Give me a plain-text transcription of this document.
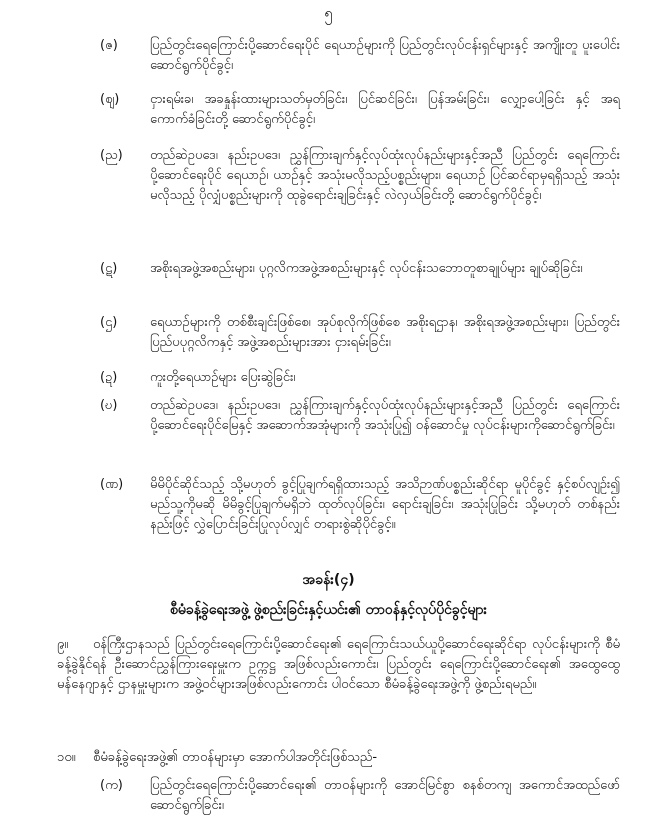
၅
(ဇ)	ပြည်တွင်းရေကြောင်းပို့ဆောင်ရေးပိုင် ရေယာဉ်များကို ပြည်တွင်းလုပ်ငန်းရှင်များနှင့် အကျိုးတူ ပူးပေါင်းဆောင်ရွက်ပိုင်ခွင့်၊
(ဈ)	ငှားရမ်းခ၊ အခနှုန်းထားများသတ်မှတ်ခြင်း၊ ပြင်ဆင်ခြင်း၊ ပြန်အမ်းခြင်း၊ လျှော့ပေါ့ခြင်း နှင့် အရကောက်ခံခြင်းတို့ ဆောင်ရွက်ပိုင်ခွင့်၊
(ည)	တည်ဆဲဥပဒေ၊ နည်းဥပဒေ၊ ညွှန်ကြားချက်နှင့်လုပ်ထုံးလုပ်နည်းများနှင့်အညီ ပြည်တွင်း ရေကြောင်းပို့ဆောင်ရေးပိုင် ရေယာဉ်၊ ယာဉ်နှင့် အသုံးမလိုသည့်ပစ္စည်းများ၊ ရေယာဉ် ပြင်ဆင်ရာမှရရှိသည့် အသုံးမလိုသည့် ပိုလျှံပစ္စည်းများကို ထုခွဲရောင်းချခြင်းနှင့် လဲလှယ်ခြင်းတို့ ဆောင်ရွက်ပိုင်ခွင့်၊
(ဋ)	အစိုးရအဖွဲ့အစည်းများ၊ ပုဂ္ဂလိကအဖွဲ့အစည်းများနှင့် လုပ်ငန်းသဘောတူစာချုပ်များ ချုပ်ဆိုခြင်း၊
(ဌ)	ရေယာဉ်များကို တစ်စီးချင်းဖြစ်စေ၊ အုပ်စုလိုက်ဖြစ်စေ အစိုးရဌာန၊ အစိုးရအဖွဲ့အစည်းများ၊ ပြည်တွင်းပြည်ပပုဂ္ဂလိကနှင့် အဖွဲ့အစည်းများအား ငှားရမ်းခြင်း၊
(ဍ)	ကူးတို့ရေယာဉ်များ ပြေးဆွဲခြင်း၊
(ဎ)	တည်ဆဲဥပဒေ၊ နည်းဥပဒေ၊ ညွှန်ကြားချက်နှင့်လုပ်ထုံးလုပ်နည်းများနှင့်အညီ ပြည်တွင်း ရေကြောင်းပို့ဆောင်ရေးပိုင်မြေနှင့် အဆောက်အအုံများကို အသုံးပြု၍ ဝန်ဆောင်မှု လုပ်ငန်းများကိုဆောင်ရွက်ခြင်း၊
(ဏ)	မိမိပိုင်ဆိုင်သည့် သို့မဟုတ် ခွင့်ပြုချက်ရရှိထားသည့် အသိဉာဏ်ပစ္စည်းဆိုင်ရာ မူပိုင်ခွင့် နှင့်စပ်လျဉ်း၍ မည်သူ့ကိုမဆို မိမိခွင့်ပြုချက်မရှိဘဲ ထုတ်လုပ်ခြင်း၊ ရောင်းချခြင်း၊ အသုံးပြုခြင်း သို့မဟုတ် တစ်နည်းနည်းဖြင့် လွှဲပြောင်းခြင်းပြုလုပ်လျှင် တရားစွဲဆိုပိုင်ခွင့်။
အခန်း(၄)
စီမံခန့်ခွဲရေးအဖွဲ့ ဖွဲ့စည်းခြင်းနှင့်ယင်း၏ တာဝန်နှင့်လုပ်ပိုင်ခွင့်များ
၉။ ဝန်ကြီးဌာနသည် ပြည်တွင်းရေကြောင်းပို့ဆောင်ရေး၏ ရေကြောင်းသယ်ယူပို့ဆောင်ရေးဆိုင်ရာ လုပ်ငန်းများကို စီမံခန့်ခွဲနိုင်ရန် ဦးဆောင်ညွှန်ကြားရေးမှူးက ဥက္ကဋ္ဌ အဖြစ်လည်းကောင်း၊ ပြည်တွင်း ရေကြောင်းပို့ဆောင်ရေး၏ အထွေထွေမန်နေဂျာနှင့် ဌာနမှူးများက အဖွဲ့ဝင်များအဖြစ်လည်းကောင်း ပါဝင်သော စီမံခန့်ခွဲရေးအဖွဲ့ကို ဖွဲ့စည်းရမည်။
၁၀။ စီမံခန့်ခွဲရေးအဖွဲ့၏ တာဝန်များမှာ အောက်ပါအတိုင်းဖြစ်သည်-
(က)	ပြည်တွင်းရေကြောင်းပို့ဆောင်ရေး၏ တာဝန်များကို အောင်မြင်စွာ စနစ်တကျ အကောင်အထည်ဖော်ဆောင်ရွက်ခြင်း၊
